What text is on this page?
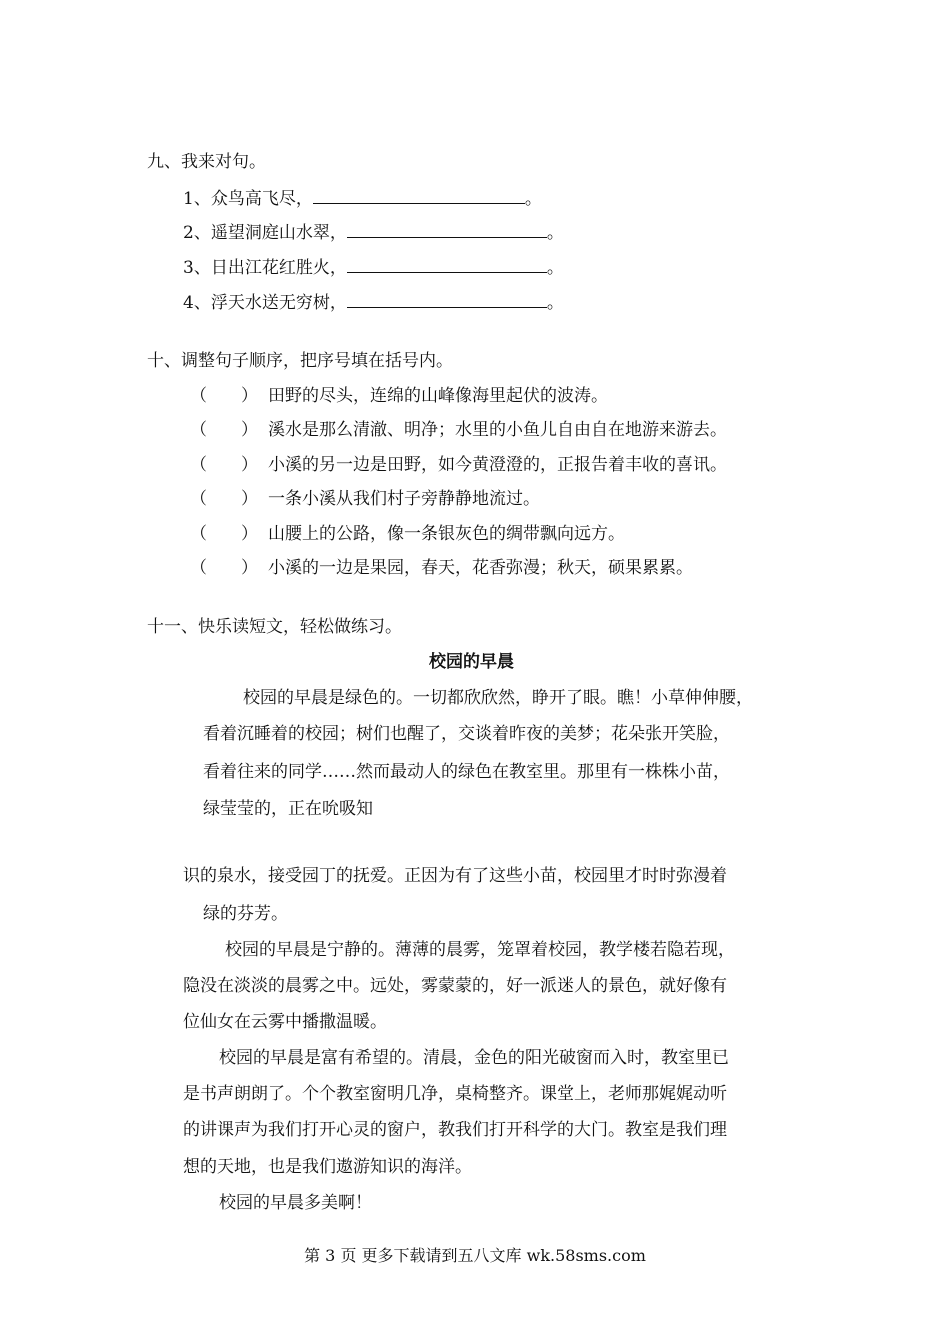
九、我来对句。
1、众鸟高飞尽，	。
2、遥望洞庭山水翠，	。
3、日出江花红胜火，	。
4、浮天水送无穷树，	。
十、调整句子顺序，把序号填在括号内。
（　　） 田野的尽头，连绵的山峰像海里起伏的波涛。
（　　） 溪水是那么清澈、明净；水里的小鱼儿自由自在地游来游去。
（　　） 小溪的另一边是田野，如今黄澄澄的，正报告着丰收的喜讯。
（　　） 一条小溪从我们村子旁静静地流过。
（　　） 山腰上的公路，像一条银灰色的绸带飘向远方。
（　　） 小溪的一边是果园，春天，花香弥漫；秋天，硕果累累。
十一、快乐读短文，轻松做练习。
校园的早晨
校园的早晨是绿色的。一切都欣欣然，睁开了眼。瞧！小草伸伸腰，
看着沉睡着的校园；树们也醒了，交谈着昨夜的美梦；花朵张开笑脸，
看着往来的同学……然而最动人的绿色在教室里。那里有一株株小苗，
绿莹莹的，正在吮吸知
识的泉水，接受园丁的抚爱。正因为有了这些小苗，校园里才时时弥漫着
绿的芬芳。
校园的早晨是宁静的。薄薄的晨雾，笼罩着校园，教学楼若隐若现，
隐没在淡淡的晨雾之中。远处，雾蒙蒙的，好一派迷人的景色，就好像有
位仙女在云雾中播撒温暖。
校园的早晨是富有希望的。清晨，金色的阳光破窗而入时，教室里已
是书声朗朗了。个个教室窗明几净，桌椅整齐。课堂上，老师那娓娓动听
的讲课声为我们打开心灵的窗户，教我们打开科学的大门。教室是我们理
想的天地，也是我们遨游知识的海洋。
校园的早晨多美啊！
第 3 页 更多下载请到五八文库 wk.58sms.com
